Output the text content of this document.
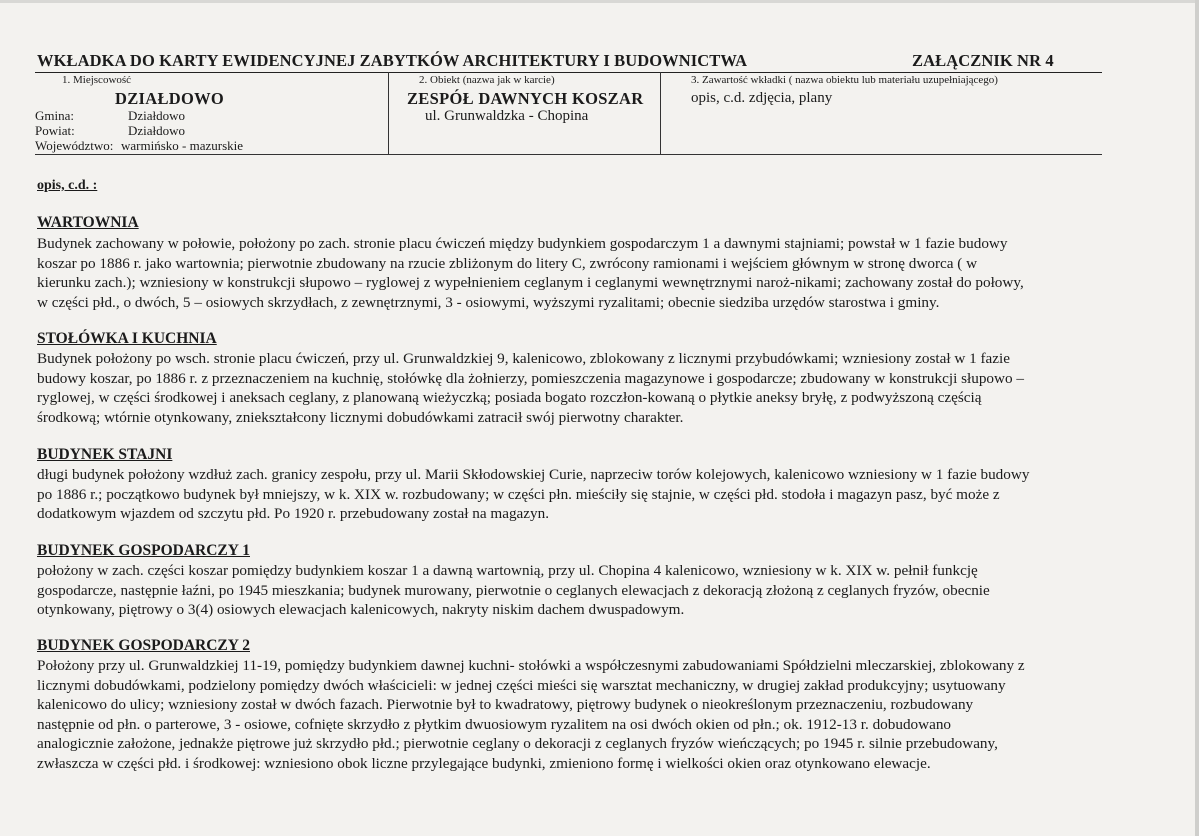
WKŁADKA DO KARTY EWIDENCYJNEJ ZABYTKÓW ARCHITEKTURY I BUDOWNICTWA	ZAŁĄCZNIK NR 4
1. Miejscowość
DZIAŁDOWO
Gmina:	Działdowo
Powiat:	Działdowo
Województwo: warmińsko - mazurskie
2. Obiekt (nazwa jak w karcie)
ZESPÓŁ DAWNYCH KOSZAR
ul. Grunwaldzka - Chopina
3. Zawartość wkładki ( nazwa obiektu lub materiału uzupełniającego)
opis, c.d. zdjęcia, plany
opis, c.d. :
WARTOWNIA
Budynek zachowany w połowie, położony po zach. stronie placu ćwiczeń między budynkiem gospodarczym 1 a dawnymi stajniami; powstał w 1 fazie budowy
koszar po 1886 r. jako wartownia; pierwotnie zbudowany na rzucie zbliżonym do litery C, zwrócony ramionami i wejściem głównym w stronę dworca ( w
kierunku zach.); wzniesiony w konstrukcji słupowo – ryglowej z wypełnieniem ceglanym i ceglanymi wewnętrznymi naroż-nikami; zachowany został do połowy,
w części płd., o dwóch, 5 – osiowych skrzydłach, z zewnętrznymi, 3 - osiowymi, wyższymi ryzalitami; obecnie siedziba urzędów starostwa i gminy.
STOŁÓWKA I KUCHNIA
Budynek położony po wsch. stronie placu ćwiczeń, przy ul. Grunwaldzkiej 9, kalenicowo, zblokowany z licznymi przybudówkami; wzniesiony został w 1 fazie
budowy koszar, po 1886 r. z przeznaczeniem na kuchnię, stołówkę dla żołnierzy, pomieszczenia magazynowe i gospodarcze; zbudowany w konstrukcji słupowo –
ryglowej, w części środkowej i aneksach ceglany, z planowaną wieżyczką; posiada bogato rozczłon-kowaną o płytkie aneksy bryłę, z podwyższoną częścią
środkową; wtórnie otynkowany, zniekształcony licznymi dobudówkami zatracił swój pierwotny charakter.
BUDYNEK STAJNI
długi budynek położony wzdłuż zach. granicy zespołu, przy ul. Marii Skłodowskiej Curie, naprzeciw torów kolejowych, kalenicowo wzniesiony w 1 fazie budowy
po 1886 r.; początkowo budynek był mniejszy, w k. XIX w. rozbudowany; w części płn. mieściły się stajnie, w części płd. stodoła i magazyn pasz, być może z
dodatkowym wjazdem od szczytu płd. Po 1920 r. przebudowany został na magazyn.
BUDYNEK GOSPODARCZY 1
położony w zach. części koszar pomiędzy budynkiem koszar 1 a dawną wartownią, przy ul. Chopina 4 kalenicowo, wzniesiony w k. XIX w. pełnił funkcję
gospodarcze, następnie łaźni, po 1945 mieszkania; budynek murowany, pierwotnie o ceglanych elewacjach z dekoracją złożoną z ceglanych fryzów, obecnie
otynkowany, piętrowy o 3(4) osiowych elewacjach kalenicowych, nakryty niskim dachem dwuspadowym.
BUDYNEK GOSPODARCZY 2
Położony przy ul. Grunwaldzkiej 11-19, pomiędzy budynkiem dawnej kuchni- stołówki a współczesnymi zabudowaniami Spółdzielni mleczarskiej, zblokowany z
licznymi dobudówkami, podzielony pomiędzy dwóch właścicieli: w jednej części mieści się warsztat mechaniczny, w drugiej zakład produkcyjny; usytuowany
kalenicowo do ulicy; wzniesiony został w dwóch fazach. Pierwotnie był to kwadratowy, piętrowy budynek o nieokreślonym przeznaczeniu, rozbudowany
następnie od płn. o parterowe, 3 - osiowe, cofnięte skrzydło z płytkim dwuosiowym ryzalitem na osi dwóch okien od płn.; ok. 1912-13 r. dobudowano
analogicznie założone, jednakże piętrowe już skrzydło płd.; pierwotnie ceglany o dekoracji z ceglanych fryzów wieńczących; po 1945 r. silnie przebudowany,
zwłaszcza w części płd. i środkowej: wzniesiono obok liczne przylegające budynki, zmieniono formę i wielkości okien oraz otynkowano elewacje.
